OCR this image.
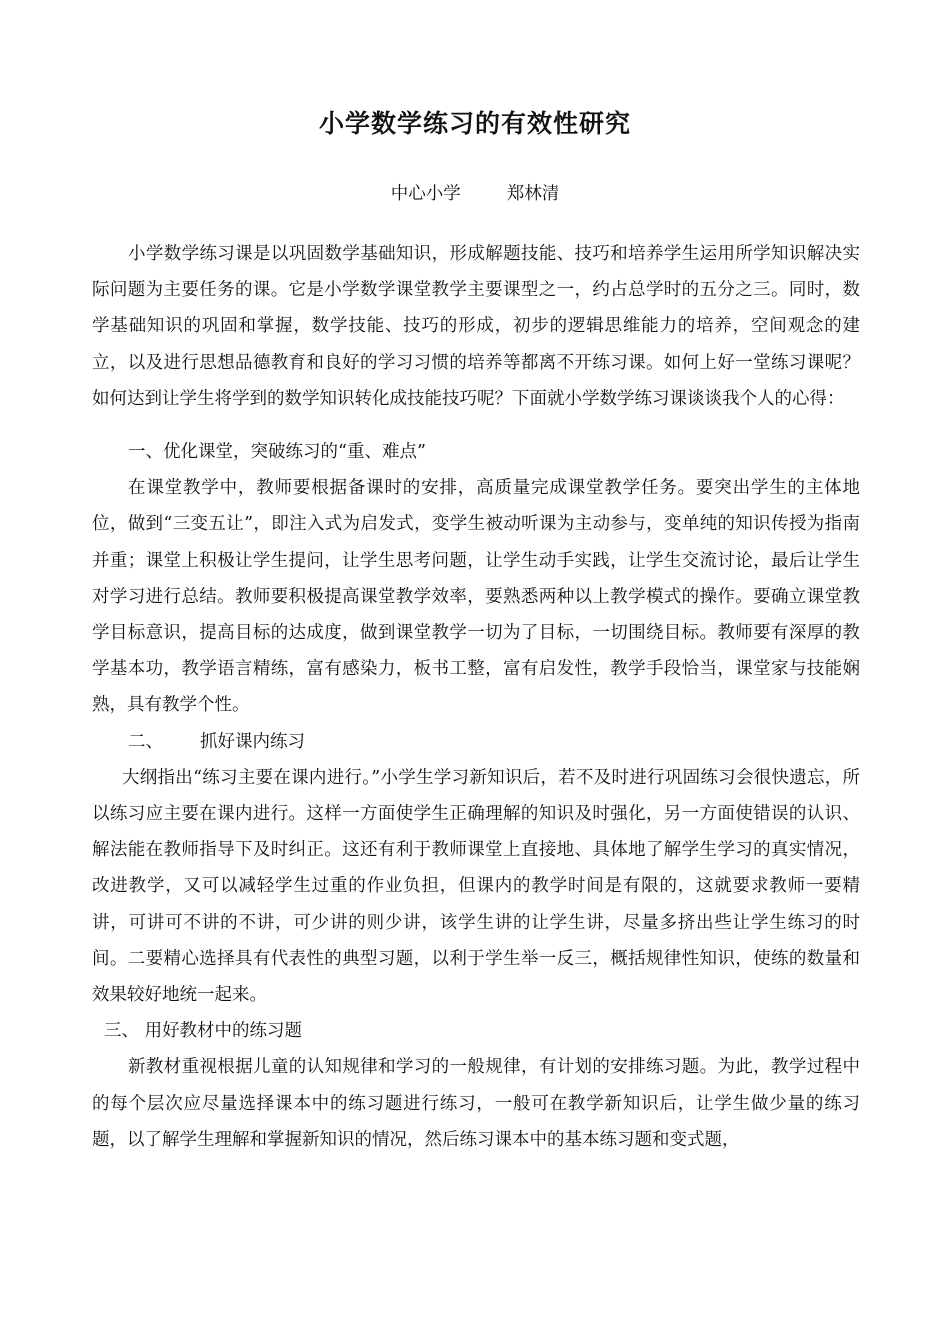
小学数学练习的有效性研究
中心小学	郑林清

小学数学练习课是以巩固数学基础知识，形成解题技能、技巧和培养学生运用所学知识解决实际问题为主要任务的课。它是小学数学课堂教学主要课型之一，约占总学时的五分之三。同时，数学基础知识的巩固和掌握，数学技能、技巧的形成，初步的逻辑思维能力的培养，空间观念的建立，以及进行思想品德教育和良好的学习习惯的培养等都离不开练习课。如何上好一堂练习课呢？如何达到让学生将学到的数学知识转化成技能技巧呢？下面就小学数学练习课谈谈我个人的心得：

一、优化课堂，突破练习的“重、难点”

在课堂教学中，教师要根据备课时的安排，高质量完成课堂教学任务。要突出学生的主体地位，做到“三变五让”，即注入式为启发式，变学生被动听课为主动参与，变单纯的知识传授为指南并重；课堂上积极让学生提问，让学生思考问题，让学生动手实践，让学生交流讨论，最后让学生对学习进行总结。教师要积极提高课堂教学效率，要熟悉两种以上教学模式的操作。要确立课堂教学目标意识，提高目标的达成度，做到课堂教学一切为了目标，一切围绕目标。教师要有深厚的教学基本功，教学语言精练，富有感染力，板书工整，富有启发性，教学手段恰当，课堂家与技能娴熟，具有教学个性。

二、 抓好课内练习

大纲指出“练习主要在课内进行。”小学生学习新知识后，若不及时进行巩固练习会很快遗忘，所以练习应主要在课内进行。这样一方面使学生正确理解的知识及时强化，另一方面使错误的认识、解法能在教师指导下及时纠正。这还有利于教师课堂上直接地、具体地了解学生学习的真实情况，改进教学，又可以减轻学生过重的作业负担，但课内的教学时间是有限的，这就要求教师一要精讲，可讲可不讲的不讲，可少讲的则少讲，该学生讲的让学生讲，尽量多挤出些让学生练习的时间。二要精心选择具有代表性的典型习题，以利于学生举一反三，概括规律性知识，使练的数量和效果较好地统一起来。

三、 用好教材中的练习题

新教材重视根据儿童的认知规律和学习的一般规律，有计划的安排练习题。为此，教学过程中的每个层次应尽量选择课本中的练习题进行练习，一般可在教学新知识后，让学生做少量的练习题，以了解学生理解和掌握新知识的情况，然后练习课本中的基本练习题和变式题，
